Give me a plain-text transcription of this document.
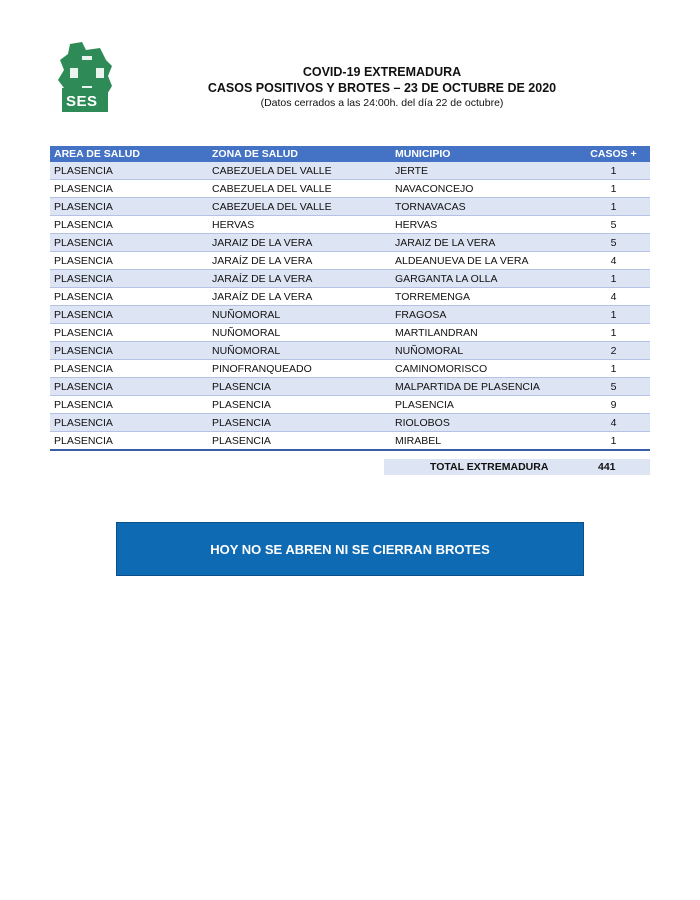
SES
COVID-19 EXTREMADURA
CASOS POSITIVOS Y BROTES – 23 DE OCTUBRE DE 2020
(Datos cerrados a las 24:00h. del día 22 de octubre)
AREA DE SALUD	ZONA DE SALUD	MUNICIPIO	CASOS +
PLASENCIA	CABEZUELA DEL VALLE	JERTE	1
PLASENCIA	CABEZUELA DEL VALLE	NAVACONCEJO	1
PLASENCIA	CABEZUELA DEL VALLE	TORNAVACAS	1
PLASENCIA	HERVAS	HERVAS	5
PLASENCIA	JARAIZ DE LA VERA	JARAIZ DE LA VERA	5
PLASENCIA	JARAÍZ DE LA VERA	ALDEANUEVA DE LA VERA	4
PLASENCIA	JARAÍZ DE LA VERA	GARGANTA LA OLLA	1
PLASENCIA	JARAÍZ DE LA VERA	TORREMENGA	4
PLASENCIA	NUÑOMORAL	FRAGOSA	1
PLASENCIA	NUÑOMORAL	MARTILANDRAN	1
PLASENCIA	NUÑOMORAL	NUÑOMORAL	2
PLASENCIA	PINOFRANQUEADO	CAMINOMORISCO	1
PLASENCIA	PLASENCIA	MALPARTIDA DE PLASENCIA	5
PLASENCIA	PLASENCIA	PLASENCIA	9
PLASENCIA	PLASENCIA	RIOLOBOS	4
PLASENCIA	PLASENCIA	MIRABEL	1
TOTAL EXTREMADURA	441
HOY NO SE ABREN NI SE CIERRAN BROTES
